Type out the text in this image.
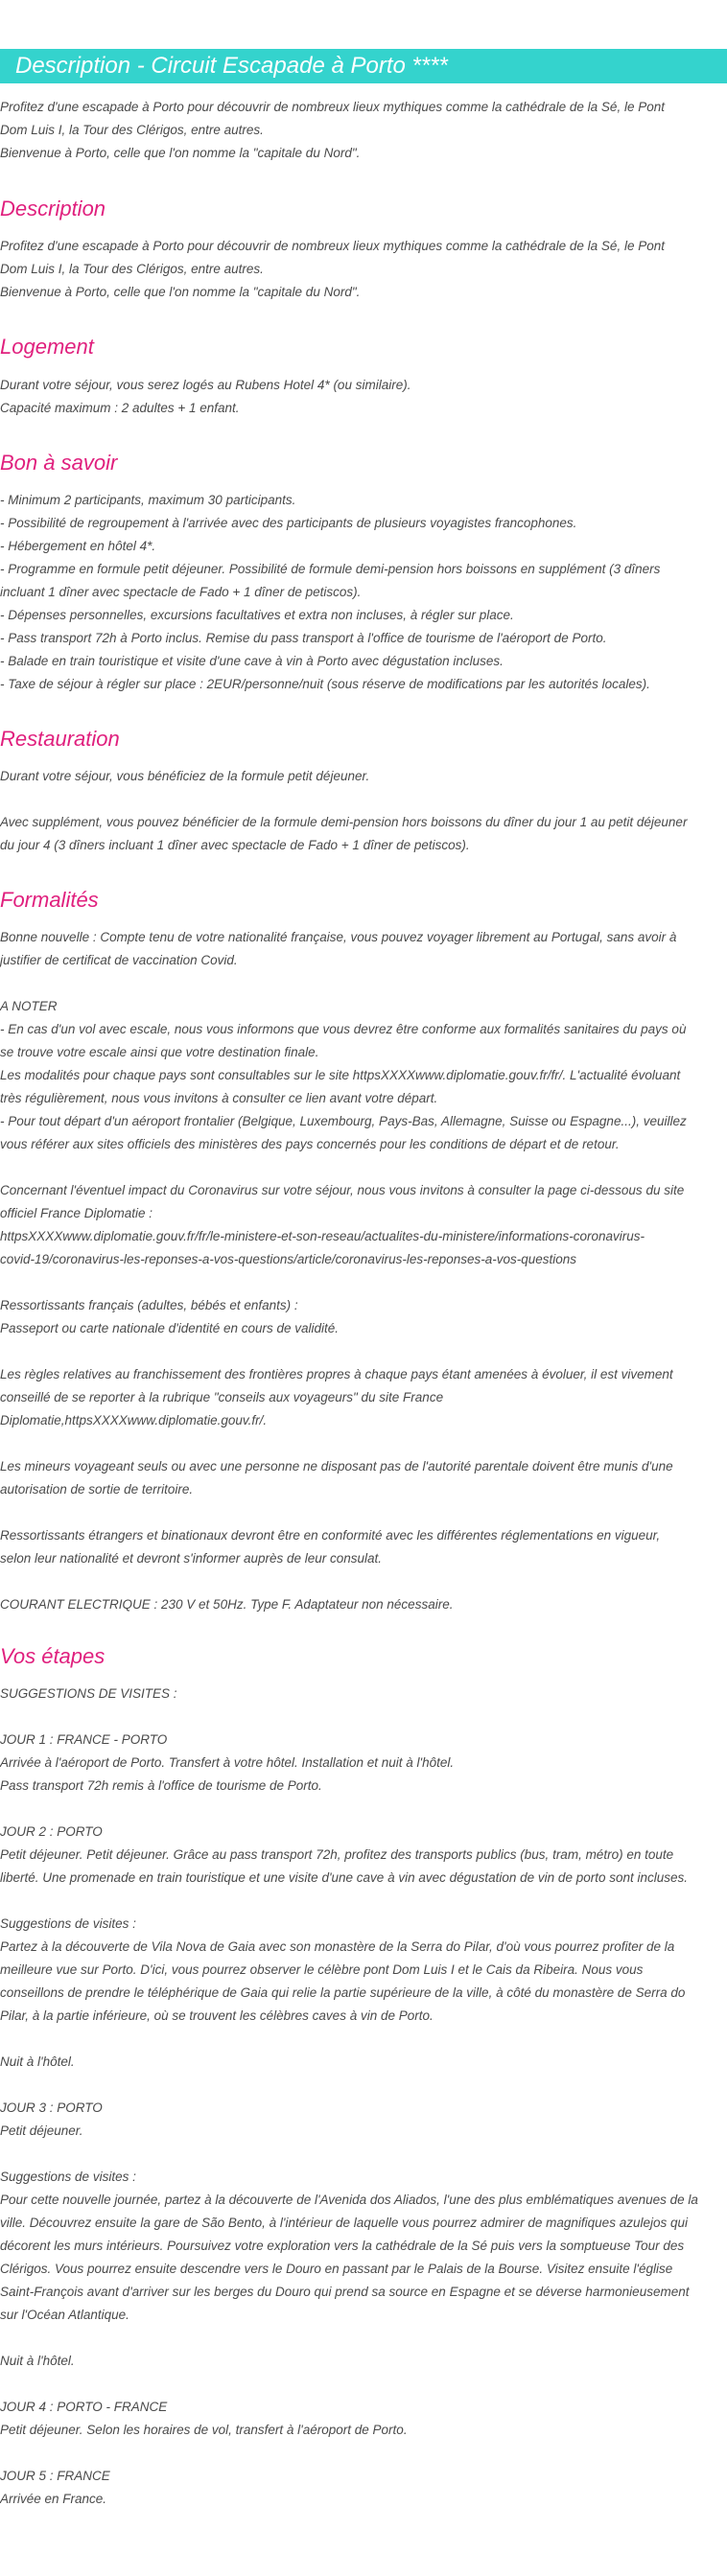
Description - Circuit Escapade à Porto ****

Profitez d'une escapade à Porto pour découvrir de nombreux lieux mythiques comme la cathédrale de la Sé, le Pont
Dom Luis I, la Tour des Clérigos, entre autres.
Bienvenue à Porto, celle que l'on nomme la "capitale du Nord".

Description

Profitez d'une escapade à Porto pour découvrir de nombreux lieux mythiques comme la cathédrale de la Sé, le Pont
Dom Luis I, la Tour des Clérigos, entre autres.
Bienvenue à Porto, celle que l'on nomme la "capitale du Nord".

Logement

Durant votre séjour, vous serez logés au Rubens Hotel 4* (ou similaire).
Capacité maximum : 2 adultes + 1 enfant.

Bon à savoir

- Minimum 2 participants, maximum 30 participants.
- Possibilité de regroupement à l'arrivée avec des participants de plusieurs voyagistes francophones.
- Hébergement en hôtel 4*.
- Programme en formule petit déjeuner. Possibilité de formule demi-pension hors boissons en supplément (3 dîners
incluant 1 dîner avec spectacle de Fado + 1 dîner de petiscos).
- Dépenses personnelles, excursions facultatives et extra non incluses, à régler sur place.
- Pass transport 72h à Porto inclus. Remise du pass transport à l'office de tourisme de l'aéroport de Porto.
- Balade en train touristique et visite d'une cave à vin à Porto avec dégustation incluses.
- Taxe de séjour à régler sur place : 2EUR/personne/nuit (sous réserve de modifications par les autorités locales).

Restauration

Durant votre séjour, vous bénéficiez de la formule petit déjeuner.

Avec supplément, vous pouvez bénéficier de la formule demi-pension hors boissons du dîner du jour 1 au petit déjeuner
du jour 4 (3 dîners incluant 1 dîner avec spectacle de Fado + 1 dîner de petiscos).

Formalités

Bonne nouvelle : Compte tenu de votre nationalité française, vous pouvez voyager librement au Portugal, sans avoir à
justifier de certificat de vaccination Covid.

A NOTER
- En cas d'un vol avec escale, nous vous informons que vous devrez être conforme aux formalités sanitaires du pays où
se trouve votre escale ainsi que votre destination finale.
Les modalités pour chaque pays sont consultables sur le site httpsXXXXwww.diplomatie.gouv.fr/fr/. L'actualité évoluant
très régulièrement, nous vous invitons à consulter ce lien avant votre départ.
- Pour tout départ d'un aéroport frontalier (Belgique, Luxembourg, Pays-Bas, Allemagne, Suisse ou Espagne...), veuillez
vous référer aux sites officiels des ministères des pays concernés pour les conditions de départ et de retour.

Concernant l'éventuel impact du Coronavirus sur votre séjour, nous vous invitons à consulter la page ci-dessous du site
officiel France Diplomatie :
httpsXXXXwww.diplomatie.gouv.fr/fr/le-ministere-et-son-reseau/actualites-du-ministere/informations-coronavirus-
covid-19/coronavirus-les-reponses-a-vos-questions/article/coronavirus-les-reponses-a-vos-questions

Ressortissants français (adultes, bébés et enfants) :
Passeport ou carte nationale d'identité en cours de validité.

Les règles relatives au franchissement des frontières propres à chaque pays étant amenées à évoluer, il est vivement
conseillé de se reporter à la rubrique "conseils aux voyageurs" du site France
Diplomatie,httpsXXXXwww.diplomatie.gouv.fr/.

Les mineurs voyageant seuls ou avec une personne ne disposant pas de l'autorité parentale doivent être munis d'une
autorisation de sortie de territoire.

Ressortissants étrangers et binationaux devront être en conformité avec les différentes réglementations en vigueur,
selon leur nationalité et devront s'informer auprès de leur consulat.

COURANT ELECTRIQUE : 230 V et 50Hz. Type F. Adaptateur non nécessaire.

Vos étapes

SUGGESTIONS DE VISITES :

JOUR 1 : FRANCE - PORTO
Arrivée à l'aéroport de Porto. Transfert à votre hôtel. Installation et nuit à l'hôtel.
Pass transport 72h remis à l'office de tourisme de Porto.

JOUR 2 : PORTO
Petit déjeuner. Petit déjeuner. Grâce au pass transport 72h, profitez des transports publics (bus, tram, métro) en toute
liberté. Une promenade en train touristique et une visite d'une cave à vin avec dégustation de vin de porto sont incluses.

Suggestions de visites :
Partez à la découverte de Vila Nova de Gaia avec son monastère de la Serra do Pilar, d'où vous pourrez profiter de la
meilleure vue sur Porto. D'ici, vous pourrez observer le célèbre pont Dom Luis I et le Cais da Ribeira. Nous vous
conseillons de prendre le téléphérique de Gaia qui relie la partie supérieure de la ville, à côté du monastère de Serra do
Pilar, à la partie inférieure, où se trouvent les célèbres caves à vin de Porto.

Nuit à l'hôtel.

JOUR 3 : PORTO
Petit déjeuner.

Suggestions de visites :
Pour cette nouvelle journée, partez à la découverte de l'Avenida dos Aliados, l'une des plus emblématiques avenues de la
ville. Découvrez ensuite la gare de São Bento, à l'intérieur de laquelle vous pourrez admirer de magnifiques azulejos qui
décorent les murs intérieurs. Poursuivez votre exploration vers la cathédrale de la Sé puis vers la somptueuse Tour des
Clérigos. Vous pourrez ensuite descendre vers le Douro en passant par le Palais de la Bourse. Visitez ensuite l'église
Saint-François avant d'arriver sur les berges du Douro qui prend sa source en Espagne et se déverse harmonieusement
sur l'Océan Atlantique.

Nuit à l'hôtel.

JOUR 4 : PORTO - FRANCE
Petit déjeuner. Selon les horaires de vol, transfert à l'aéroport de Porto.

JOUR 5 : FRANCE
Arrivée en France.
